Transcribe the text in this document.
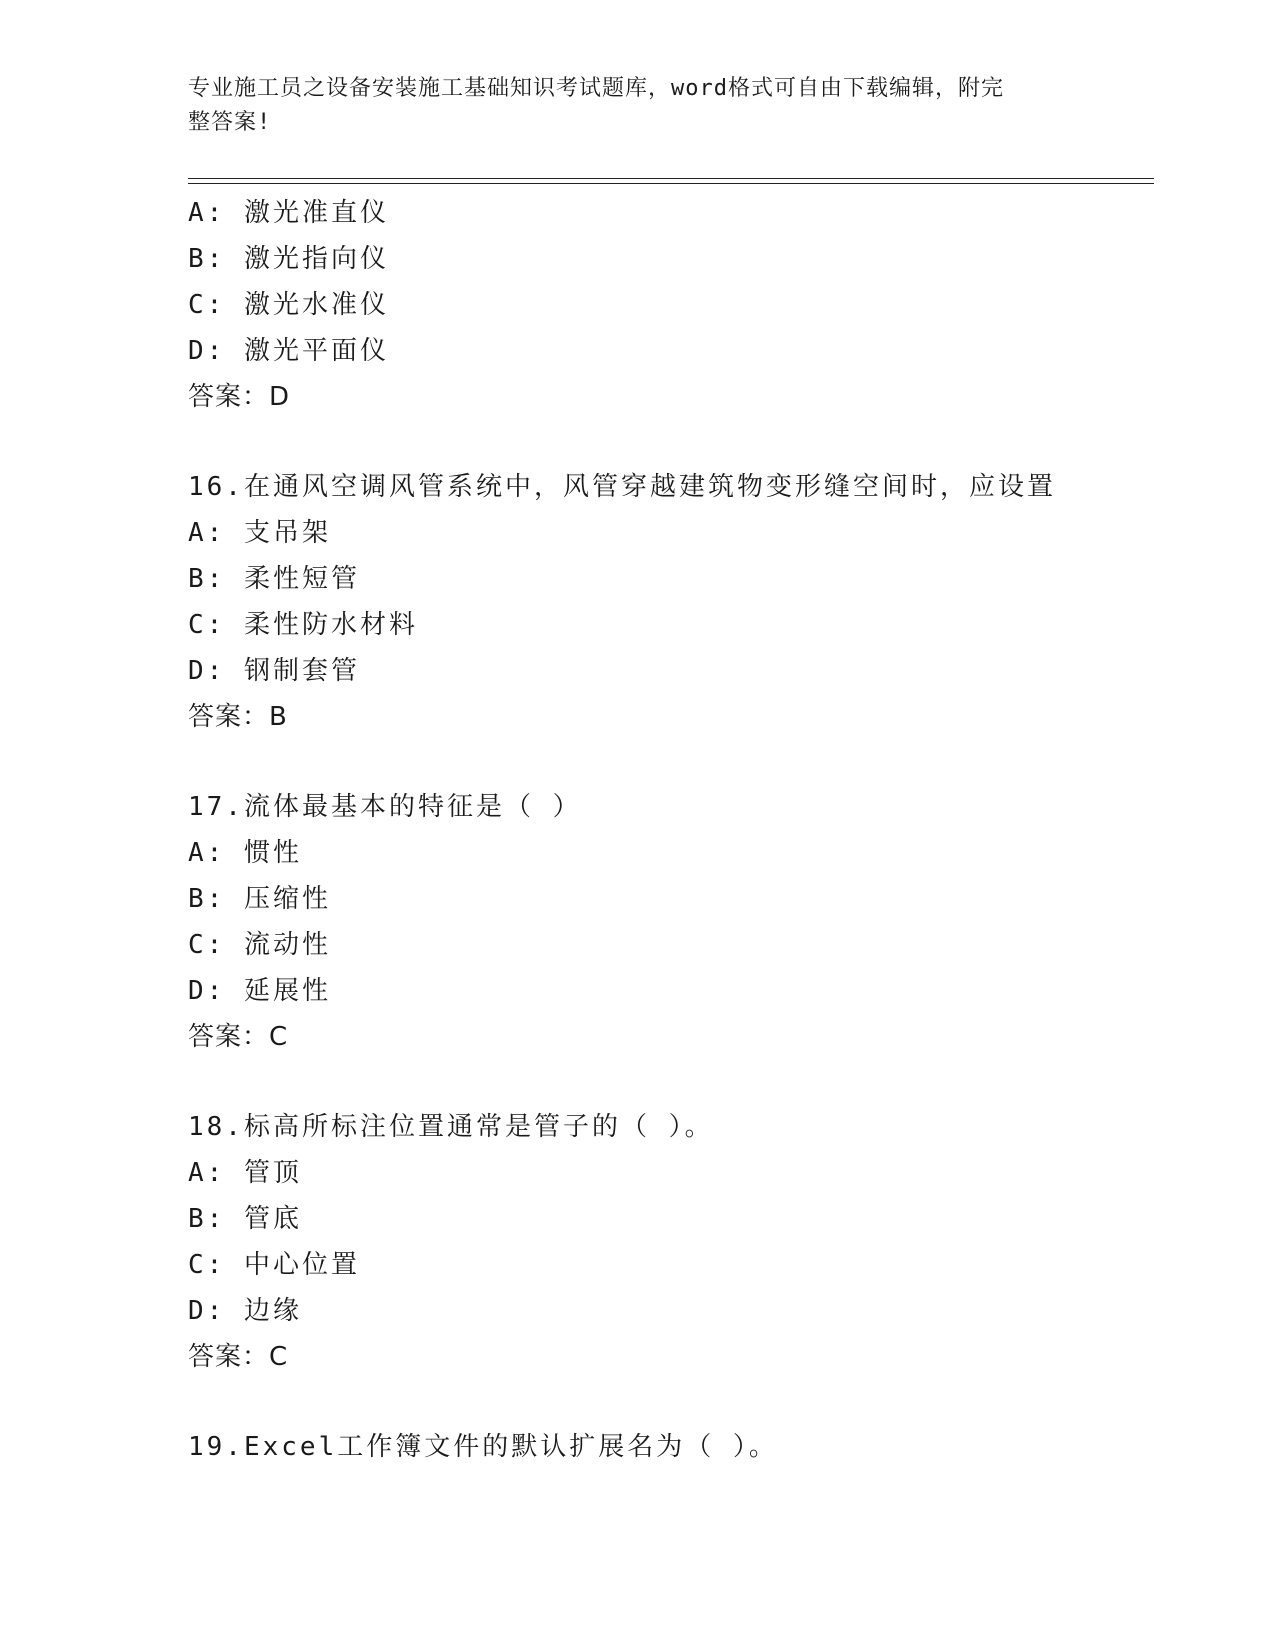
专业施工员之设备安装施工基础知识考试题库，word格式可自由下载编辑，附完
整答案!
A: 激光准直仪
B: 激光指向仪
C: 激光水准仪
D: 激光平面仪
答案：D
16.在通风空调风管系统中，风管穿越建筑物变形缝空间时，应设置
A: 支吊架
B: 柔性短管
C: 柔性防水材料
D: 钢制套管
答案：B
17.流体最基本的特征是（ ）
A: 惯性
B: 压缩性
C: 流动性
D: 延展性
答案：C
18.标高所标注位置通常是管子的（ ）。
A: 管顶
B: 管底
C: 中心位置
D: 边缘
答案：C
19.Excel工作簿文件的默认扩展名为（ ）。
